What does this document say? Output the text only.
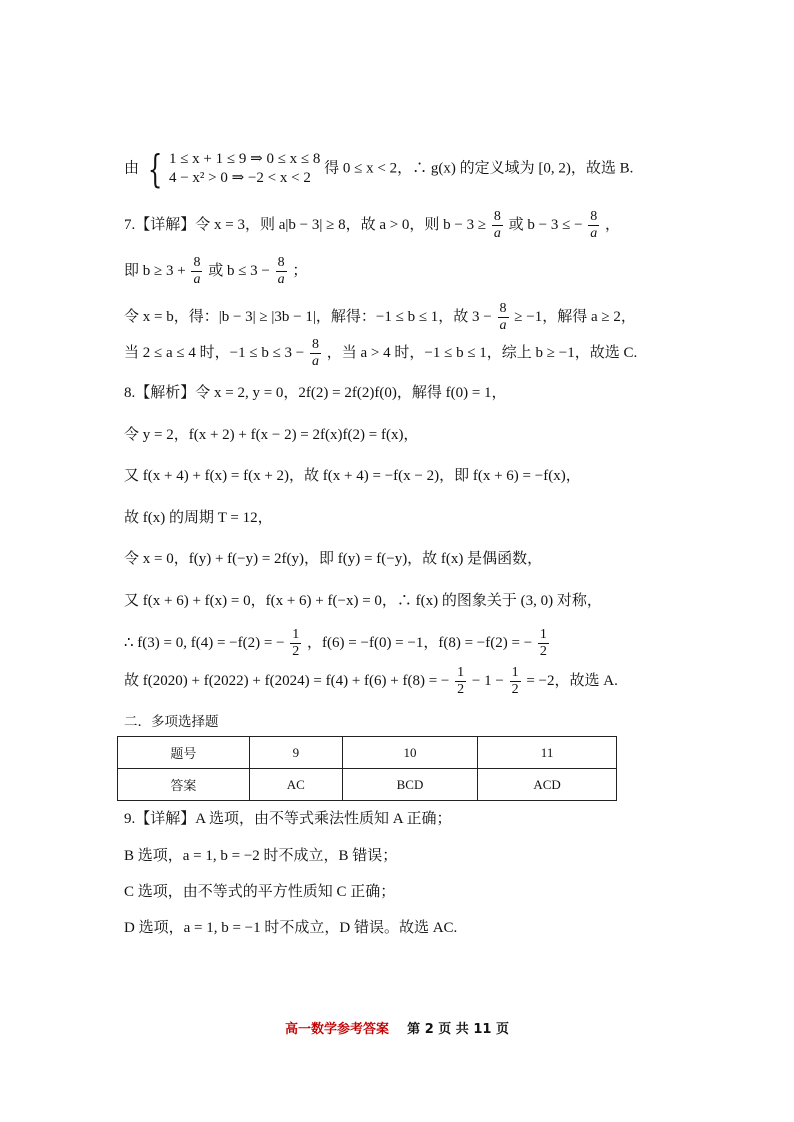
由 { 1 ≤ x + 1 ≤ 9 ⇒ 0 ≤ x ≤ 8
4 − x² > 0 ⇒ −2 < x < 2
得 0 ≤ x < 2，∴ g(x) 的定义域为 [0, 2)，故选 B.
7.【详解】令 x = 3，则 a|b − 3| ≥ 8，故 a > 0，则 $b - 3 \ge \frac{8}{a}$ 或 b − 3 ≤ − $\frac{8}{a}$ ，
即 $b \ge 3 + \frac{8}{a}$ 或 $b \le 3 - \frac{8}{a}$ ；
令 x = b，得：|b − 3| ≥ |3b − 1|，解得：−1 ≤ b ≤ 1，故 $3 - \frac{8}{a} \ge -1$，解得 a ≥ 2，
当 2 ≤ a ≤ 4 时，$-1 \le b \le 3 - \frac{8}{a}$ ，当 a > 4 时，−1 ≤ b ≤ 1，综上 b ≥ −1，故选 C.
8.【解析】令 x = 2, y = 0，2f(2) = 2f(2)f(0)，解得 f(0) = 1，
令 y = 2，f(x + 2) + f(x − 2) = 2f(x)f(2) = f(x)，
又 f(x + 4) + f(x) = f(x + 2)，故 f(x + 4) = −f(x − 2)，即 f(x + 6) = −f(x)，
故 f(x) 的周期 T = 12，
令 x = 0，f(y) + f(−y) = 2f(y)，即 f(y) = f(−y)，故 f(x) 是偶函数，
又 f(x + 6) + f(x) = 0，f(x + 6) + f(−x) = 0，∴ f(x) 的图象关于 (3, 0) 对称，
∴ f(3) = 0, f(4) = −f(2) = − $\frac{1}{2}$ ，f(6) = −f(0) = −1，f(8) = −f(2) = − $\frac{1}{2}$
故 f(2020) + f(2022) + f(2024) = f(4) + f(6) + f(8) = − $\frac{1}{2} - 1 - \frac{1}{2} = -2$，故选 A.
二．多项选择题
题号	9	10	11
答案	AC	BCD	ACD
9.【详解】A 选项，由不等式乘法性质知 A 正确；
B 选项，a = 1, b = −2 时不成立，B 错误；
C 选项，由不等式的平方性质知 C 正确；
D 选项，a = 1, b = −1 时不成立，D 错误。故选 AC.
高一数学参考答案 第 2 页 共 11 页
